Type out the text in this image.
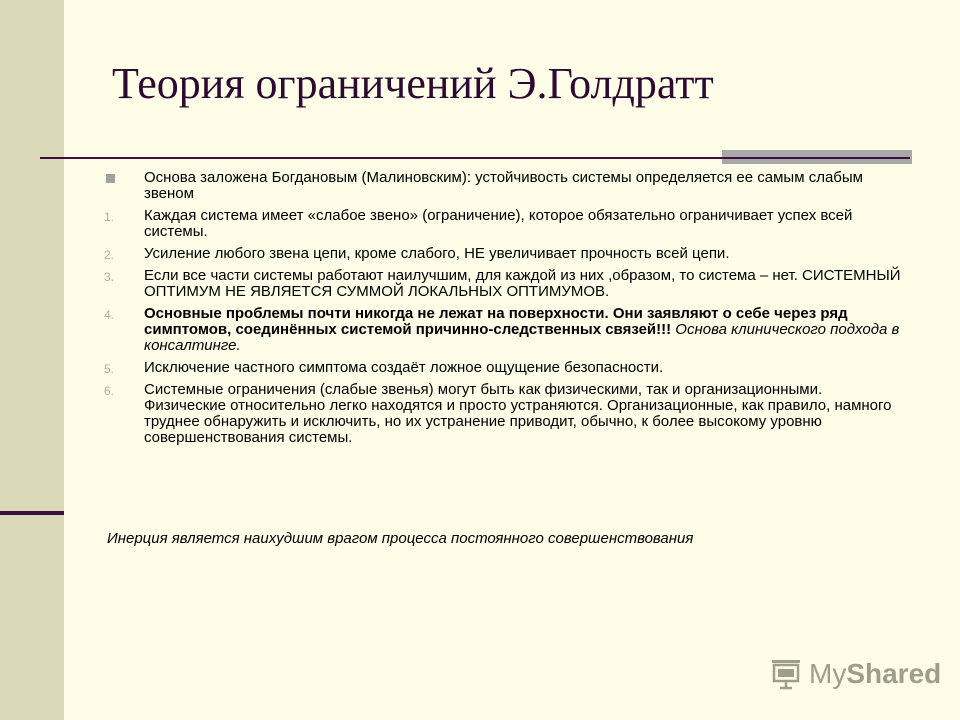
Теория ограничений Э.Голдратт
Основа заложена Богдановым (Малиновским): устойчивость системы определяется ее самым слабым звеном
1. Каждая система имеет «слабое звено» (ограничение), которое обязательно ограничивает успех всей системы.
2. Усиление любого звена цепи, кроме слабого, НЕ увеличивает прочность всей цепи.
3. Если все части системы работают наилучшим, для каждой из них ,образом, то система – нет. СИСТЕМНЫЙ ОПТИМУМ НЕ ЯВЛЯЕТСЯ СУММОЙ ЛОКАЛЬНЫХ ОПТИМУМОВ.
4. Основные проблемы почти никогда не лежат на поверхности. Они заявляют о себе через ряд симптомов, соединённых системой причинно-следственных связей!!! Основа клинического подхода в консалтинге.
5. Исключение частного симптома создаёт ложное ощущение безопасности.
6. Системные ограничения (слабые звенья) могут быть как физическими, так и организационными. Физические относительно легко находятся и просто устраняются. Организационные, как правило, намного труднее обнаружить и исключить, но их устранение приводит, обычно, к более высокому уровню совершенствования системы.
Инерция является наихудшим врагом процесса постоянного совершенствования
MyShared
